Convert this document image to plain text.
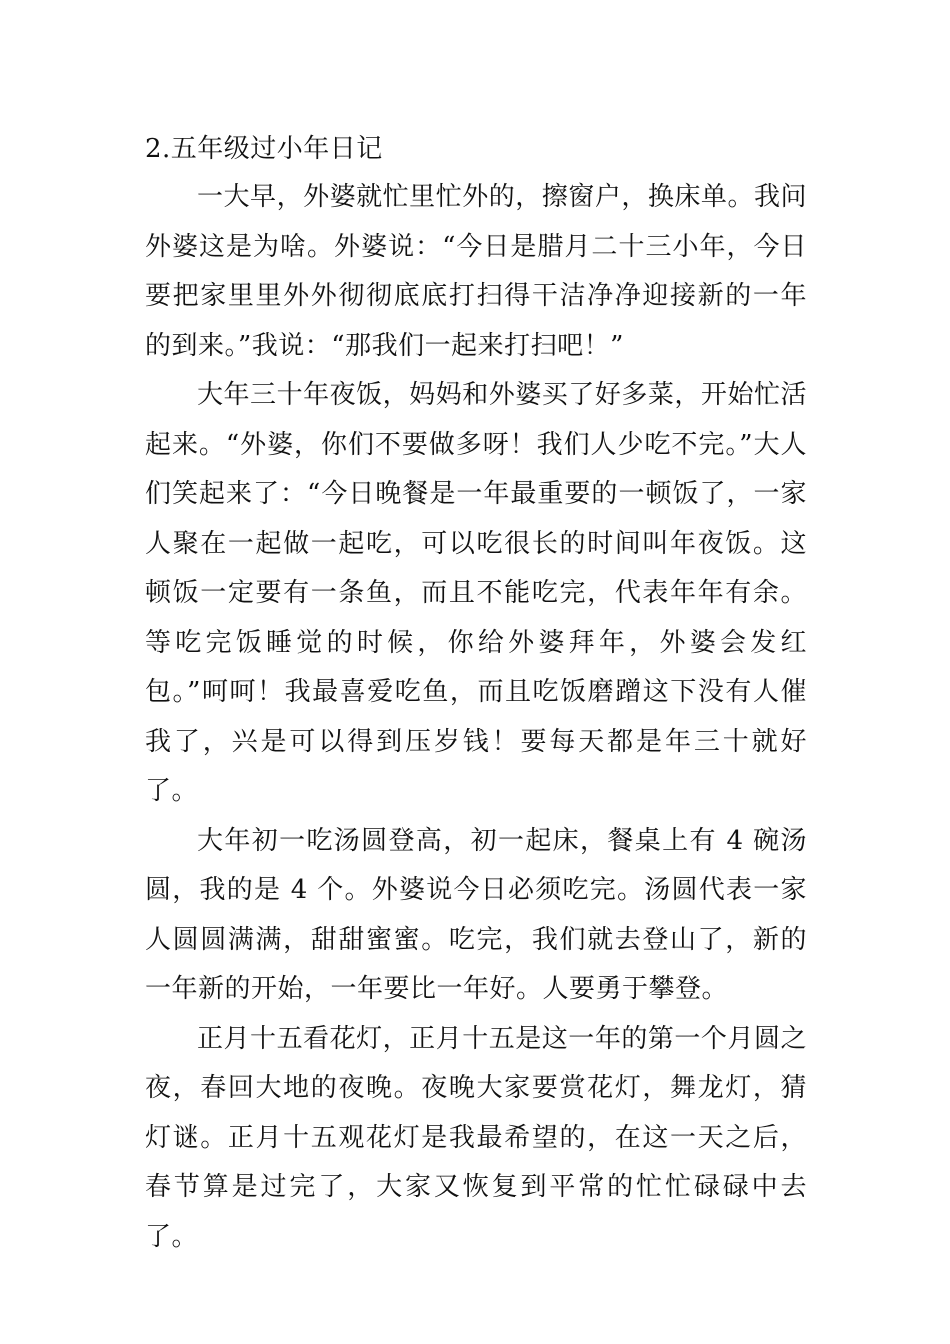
2.五年级过小年日记

一大早，外婆就忙里忙外的，擦窗户，换床单。我问外婆这是为啥。外婆说：“今日是腊月二十三小年，今日要把家里里外外彻彻底底打扫得干洁净净迎接新的一年的到来。”我说：“那我们一起来打扫吧！”

大年三十年夜饭，妈妈和外婆买了好多菜，开始忙活起来。“外婆，你们不要做多呀！我们人少吃不完。”大人们笑起来了：“今日晚餐是一年最重要的一顿饭了，一家人聚在一起做一起吃，可以吃很长的时间叫年夜饭。这顿饭一定要有一条鱼，而且不能吃完，代表年年有余。等吃完饭睡觉的时候，你给外婆拜年，外婆会发红包。”呵呵！我最喜爱吃鱼，而且吃饭磨蹭这下没有人催我了，兴是可以得到压岁钱！要每天都是年三十就好了。

大年初一吃汤圆登高，初一起床，餐桌上有 4 碗汤圆，我的是 4 个。外婆说今日必须吃完。汤圆代表一家人圆圆满满，甜甜蜜蜜。吃完，我们就去登山了，新的一年新的开始，一年要比一年好。人要勇于攀登。

正月十五看花灯，正月十五是这一年的第一个月圆之夜，春回大地的夜晚。夜晚大家要赏花灯，舞龙灯，猜灯谜。正月十五观花灯是我最希望的，在这一天之后，春节算是过完了，大家又恢复到平常的忙忙碌碌中去了。
